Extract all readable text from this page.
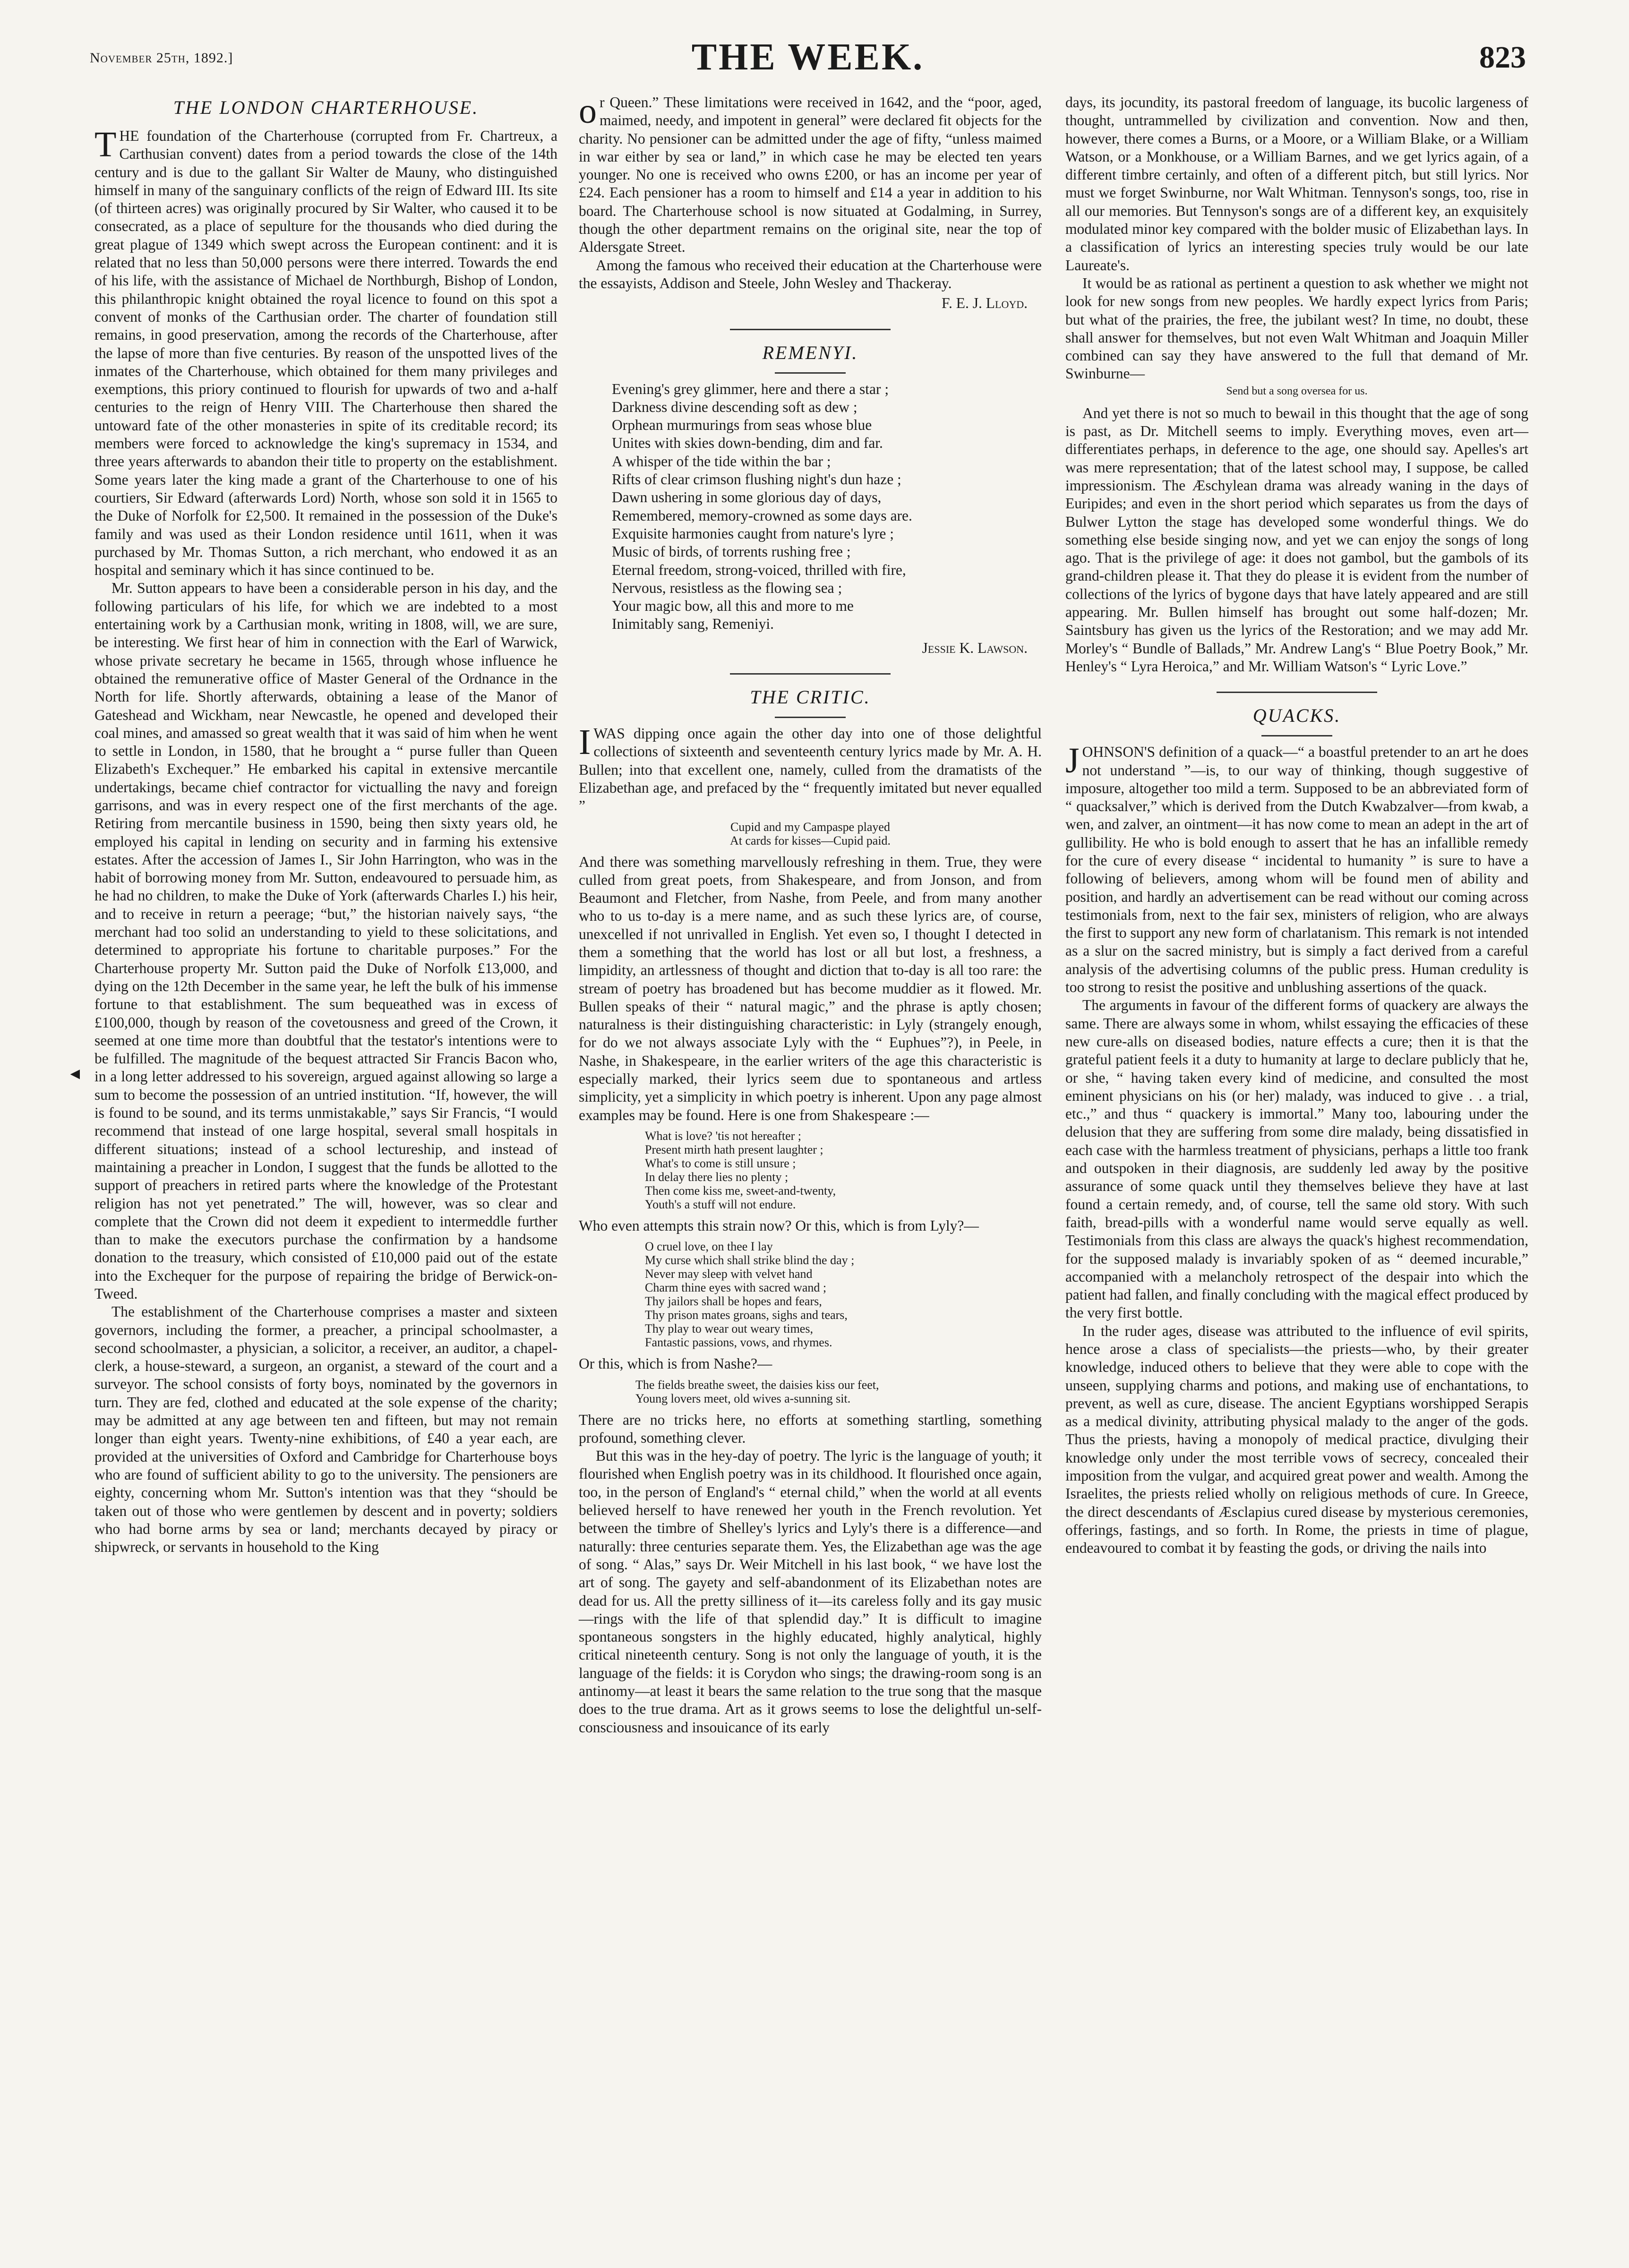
November 25th, 1892.]	THE WEEK.	823
◄
THE LONDON CHARTERHOUSE.

THE foundation of the Charterhouse (corrupted from Fr. Chartreux, a Carthusian convent) dates from a period towards the close of the 14th century and is due to the gallant Sir Walter de Mauny, who distinguished himself in many of the sanguinary conflicts of the reign of Edward III. Its site (of thirteen acres) was originally procured by Sir Walter, who caused it to be consecrated, as a place of sepulture for the thousands who died during the great plague of 1349 which swept across the European continent: and it is related that no less than 50,000 persons were there interred. Towards the end of his life, with the assistance of Michael de Northburgh, Bishop of London, this philanthropic knight obtained the royal licence to found on this spot a convent of monks of the Carthusian order. The charter of foundation still remains, in good preservation, among the records of the Charterhouse, after the lapse of more than five centuries. By reason of the unspotted lives of the inmates of the Charterhouse, which obtained for them many privileges and exemptions, this priory continued to flourish for upwards of two and a-half centuries to the reign of Henry VIII. The Charterhouse then shared the untoward fate of the other monasteries in spite of its creditable record; its members were forced to acknowledge the king's supremacy in 1534, and three years afterwards to abandon their title to property on the establishment. Some years later the king made a grant of the Charterhouse to one of his courtiers, Sir Edward (afterwards Lord) North, whose son sold it in 1565 to the Duke of Norfolk for £2,500. It remained in the possession of the Duke's family and was used as their London residence until 1611, when it was purchased by Mr. Thomas Sutton, a rich merchant, who endowed it as an hospital and seminary which it has since continued to be.

Mr. Sutton appears to have been a considerable person in his day, and the following particulars of his life, for which we are indebted to a most entertaining work by a Carthusian monk, writing in 1808, will, we are sure, be interesting. We first hear of him in connection with the Earl of Warwick, whose private secretary he became in 1565, through whose influence he obtained the remunerative office of Master General of the Ordnance in the North for life. Shortly afterwards, obtaining a lease of the Manor of Gateshead and Wickham, near Newcastle, he opened and developed their coal mines, and amassed so great wealth that it was said of him when he went to settle in London, in 1580, that he brought a “ purse fuller than Queen Elizabeth's Exchequer.” He embarked his capital in extensive mercantile undertakings, became chief contractor for victualling the navy and foreign garrisons, and was in every respect one of the first merchants of the age. Retiring from mercantile business in 1590, being then sixty years old, he employed his capital in lending on security and in farming his extensive estates. After the accession of James I., Sir John Harrington, who was in the habit of borrowing money from Mr. Sutton, endeavoured to persuade him, as he had no children, to make the Duke of York (afterwards Charles I.) his heir, and to receive in return a peerage; “but,” the historian naively says, “the merchant had too solid an understanding to yield to these solicitations, and determined to appropriate his fortune to charitable purposes.” For the Charterhouse property Mr. Sutton paid the Duke of Norfolk £13,000, and dying on the 12th December in the same year, he left the bulk of his immense fortune to that establishment. The sum bequeathed was in excess of £100,000, though by reason of the covetousness and greed of the Crown, it seemed at one time more than doubtful that the testator's intentions were to be fulfilled. The magnitude of the bequest attracted Sir Francis Bacon who, in a long letter addressed to his sovereign, argued against allowing so large a sum to become the possession of an untried institution. “If, however, the will is found to be sound, and its terms unmistakable,” says Sir Francis, “I would recommend that instead of one large hospital, several small hospitals in different situations; instead of a school lectureship, and instead of maintaining a preacher in London, I suggest that the funds be allotted to the support of preachers in retired parts where the knowledge of the Protestant religion has not yet penetrated.” The will, however, was so clear and complete that the Crown did not deem it expedient to intermeddle further than to make the executors purchase the confirmation by a handsome donation to the treasury, which consisted of £10,000 paid out of the estate into the Exchequer for the purpose of repairing the bridge of Berwick-on-Tweed.

The establishment of the Charterhouse comprises a master and sixteen governors, including the former, a preacher, a principal schoolmaster, a second schoolmaster, a physician, a solicitor, a receiver, an auditor, a chapel-clerk, a house-steward, a surgeon, an organist, a steward of the court and a surveyor. The school consists of forty boys, nominated by the governors in turn. They are fed, clothed and educated at the sole expense of the charity; may be admitted at any age between ten and fifteen, but may not remain longer than eight years. Twenty-nine exhibitions, of £40 a year each, are provided at the universities of Oxford and Cambridge for Charterhouse boys who are found of sufficient ability to go to the university. The pensioners are eighty, concerning whom Mr. Sutton's intention was that they “should be taken out of those who were gentlemen by descent and in poverty; soldiers who had borne arms by sea or land; merchants decayed by piracy or shipwreck, or servants in household to the King

or Queen.” These limitations were received in 1642, and the “poor, aged, maimed, needy, and impotent in general” were declared fit objects for the charity. No pensioner can be admitted under the age of fifty, “unless maimed in war either by sea or land,” in which case he may be elected ten years younger. No one is received who owns £200, or has an income per year of £24. Each pensioner has a room to himself and £14 a year in addition to his board. The Charterhouse school is now situated at Godalming, in Surrey, though the other department remains on the original site, near the top of Aldersgate Street.

Among the famous who received their education at the Charterhouse were the essayists, Addison and Steele, John Wesley and Thackeray.

F. E. J. Lloyd.
REMENYI.
Evening's grey glimmer, here and there a star ;
Darkness divine descending soft as dew ;
Orphean murmurings from seas whose blue
Unites with skies down-bending, dim and far.
A whisper of the tide within the bar ;
Rifts of clear crimson flushing night's dun haze ;
Dawn ushering in some glorious day of days,
Remembered, memory-crowned as some days are.
Exquisite harmonies caught from nature's lyre ;
Music of birds, of torrents rushing free ;
Eternal freedom, strong-voiced, thrilled with fire,
Nervous, resistless as the flowing sea ;
Your magic bow, all this and more to me
Inimitably sang, Remeniyi.
Jessie K. Lawson.
THE CRITIC.

IWAS dipping once again the other day into one of those delightful collections of sixteenth and seventeenth century lyrics made by Mr. A. H. Bullen; into that excellent one, namely, culled from the dramatists of the Elizabethan age, and prefaced by the “ frequently imitated but never equalled ”

Cupid and my Campaspe played
At cards for kisses—Cupid paid.

And there was something marvellously refreshing in them. True, they were culled from great poets, from Shakespeare, and from Jonson, and from Beaumont and Fletcher, from Nashe, from Peele, and from many another who to us to-day is a mere name, and as such these lyrics are, of course, unexcelled if not unrivalled in English. Yet even so, I thought I detected in them a something that the world has lost or all but lost, a freshness, a limpidity, an artlessness of thought and diction that to-day is all too rare: the stream of poetry has broadened but has become muddier as it flowed. Mr. Bullen speaks of their “ natural magic,” and the phrase is aptly chosen; naturalness is their distinguishing characteristic: in Lyly (strangely enough, for do we not always associate Lyly with the “ Euphues”?), in Peele, in Nashe, in Shakespeare, in the earlier writers of the age this characteristic is especially marked, their lyrics seem due to spontaneous and artless simplicity, yet a simplicity in which poetry is inherent. Upon any page almost examples may be found. Here is one from Shakespeare :—

What is love? 'tis not hereafter ;
Present mirth hath present laughter ;
What's to come is still unsure ;
In delay there lies no plenty ;
Then come kiss me, sweet-and-twenty,
Youth's a stuff will not endure.

Who even attempts this strain now? Or this, which is from Lyly?—

O cruel love, on thee I lay
My curse which shall strike blind the day ;
Never may sleep with velvet hand
Charm thine eyes with sacred wand ;
Thy jailors shall be hopes and fears,
Thy prison mates groans, sighs and tears,
Thy play to wear out weary times,
Fantastic passions, vows, and rhymes.

Or this, which is from Nashe?—

The fields breathe sweet, the daisies kiss our feet,
Young lovers meet, old wives a-sunning sit.

There are no tricks here, no efforts at something startling, something profound, something clever.

But this was in the hey-day of poetry. The lyric is the language of youth; it flourished when English poetry was in its childhood. It flourished once again, too, in the person of England's “ eternal child,” when the world at all events believed herself to have renewed her youth in the French revolution. Yet between the timbre of Shelley's lyrics and Lyly's there is a difference—and naturally: three centuries separate them. Yes, the Elizabethan age was the age of song. “ Alas,” says Dr. Weir Mitchell in his last book, “ we have lost the art of song. The gayety and self-abandonment of its Elizabethan notes are dead for us. All the pretty silliness of it—its careless folly and its gay music—rings with the life of that splendid day.” It is difficult to imagine spontaneous songsters in the highly educated, highly analytical, highly critical nineteenth century. Song is not only the language of youth, it is the language of the fields: it is Corydon who sings; the drawing-room song is an antinomy—at least it bears the same relation to the true song that the masque does to the true drama. Art as it grows seems to lose the delightful un-self-consciousness and insouicance of its early

days, its jocundity, its pastoral freedom of language, its bucolic largeness of thought, untrammelled by civilization and convention. Now and then, however, there comes a Burns, or a Moore, or a William Blake, or a William Watson, or a Monkhouse, or a William Barnes, and we get lyrics again, of a different timbre certainly, and often of a different pitch, but still lyrics. Nor must we forget Swinburne, nor Walt Whitman. Tennyson's songs, too, rise in all our memories. But Tennyson's songs are of a different key, an exquisitely modulated minor key compared with the bolder music of Elizabethan lays. In a classification of lyrics an interesting species truly would be our late Laureate's.

It would be as rational as pertinent a question to ask whether we might not look for new songs from new peoples. We hardly expect lyrics from Paris; but what of the prairies, the free, the jubilant west? In time, no doubt, these shall answer for themselves, but not even Walt Whitman and Joaquin Miller combined can say they have answered to the full that demand of Mr. Swinburne—

Send but a song oversea for us.

And yet there is not so much to bewail in this thought that the age of song is past, as Dr. Mitchell seems to imply. Everything moves, even art—differentiates perhaps, in deference to the age, one should say. Apelles's art was mere representation; that of the latest school may, I suppose, be called impressionism. The Æschylean drama was already waning in the days of Euripides; and even in the short period which separates us from the days of Bulwer Lytton the stage has developed some wonderful things. We do something else beside singing now, and yet we can enjoy the songs of long ago. That is the privilege of age: it does not gambol, but the gambols of its grand-children please it. That they do please it is evident from the number of collections of the lyrics of bygone days that have lately appeared and are still appearing. Mr. Bullen himself has brought out some half-dozen; Mr. Saintsbury has given us the lyrics of the Restoration; and we may add Mr. Morley's “ Bundle of Ballads,” Mr. Andrew Lang's “ Blue Poetry Book,” Mr. Henley's “ Lyra Heroica,” and Mr. William Watson's “ Lyric Love.”

QUACKS.

JOHNSON'S definition of a quack—“ a boastful pretender to an art he does not understand ”—is, to our way of thinking, though suggestive of imposure, altogether too mild a term. Supposed to be an abbreviated form of “ quacksalver,” which is derived from the Dutch Kwabzalver—from kwab, a wen, and zalver, an ointment—it has now come to mean an adept in the art of gullibility. He who is bold enough to assert that he has an infallible remedy for the cure of every disease “ incidental to humanity ” is sure to have a following of believers, among whom will be found men of ability and position, and hardly an advertisement can be read without our coming across testimonials from, next to the fair sex, ministers of religion, who are always the first to support any new form of charlatanism. This remark is not intended as a slur on the sacred ministry, but is simply a fact derived from a careful analysis of the advertising columns of the public press. Human credulity is too strong to resist the positive and unblushing assertions of the quack.

The arguments in favour of the different forms of quackery are always the same. There are always some in whom, whilst essaying the efficacies of these new cure-alls on diseased bodies, nature effects a cure; then it is that the grateful patient feels it a duty to humanity at large to declare publicly that he, or she, “ having taken every kind of medicine, and consulted the most eminent physicians on his (or her) malady, was induced to give . . a trial, etc.,” and thus “ quackery is immortal.” Many too, labouring under the delusion that they are suffering from some dire malady, being dissatisfied in each case with the harmless treatment of physicians, perhaps a little too frank and outspoken in their diagnosis, are suddenly led away by the positive assurance of some quack until they themselves believe they have at last found a certain remedy, and, of course, tell the same old story. With such faith, bread-pills with a wonderful name would serve equally as well. Testimonials from this class are always the quack's highest recommendation, for the supposed malady is invariably spoken of as “ deemed incurable,” accompanied with a melancholy retrospect of the despair into which the patient had fallen, and finally concluding with the magical effect produced by the very first bottle.

In the ruder ages, disease was attributed to the influence of evil spirits, hence arose a class of specialists—the priests—who, by their greater knowledge, induced others to believe that they were able to cope with the unseen, supplying charms and potions, and making use of enchantations, to prevent, as well as cure, disease. The ancient Egyptians worshipped Serapis as a medical divinity, attributing physical malady to the anger of the gods. Thus the priests, having a monopoly of medical practice, divulging their knowledge only under the most terrible vows of secrecy, concealed their imposition from the vulgar, and acquired great power and wealth. Among the Israelites, the priests relied wholly on religious methods of cure. In Greece, the direct descendants of Æsclapius cured disease by mysterious ceremonies, offerings, fastings, and so forth. In Rome, the priests in time of plague, endeavoured to combat it by feasting the gods, or driving the nails into
